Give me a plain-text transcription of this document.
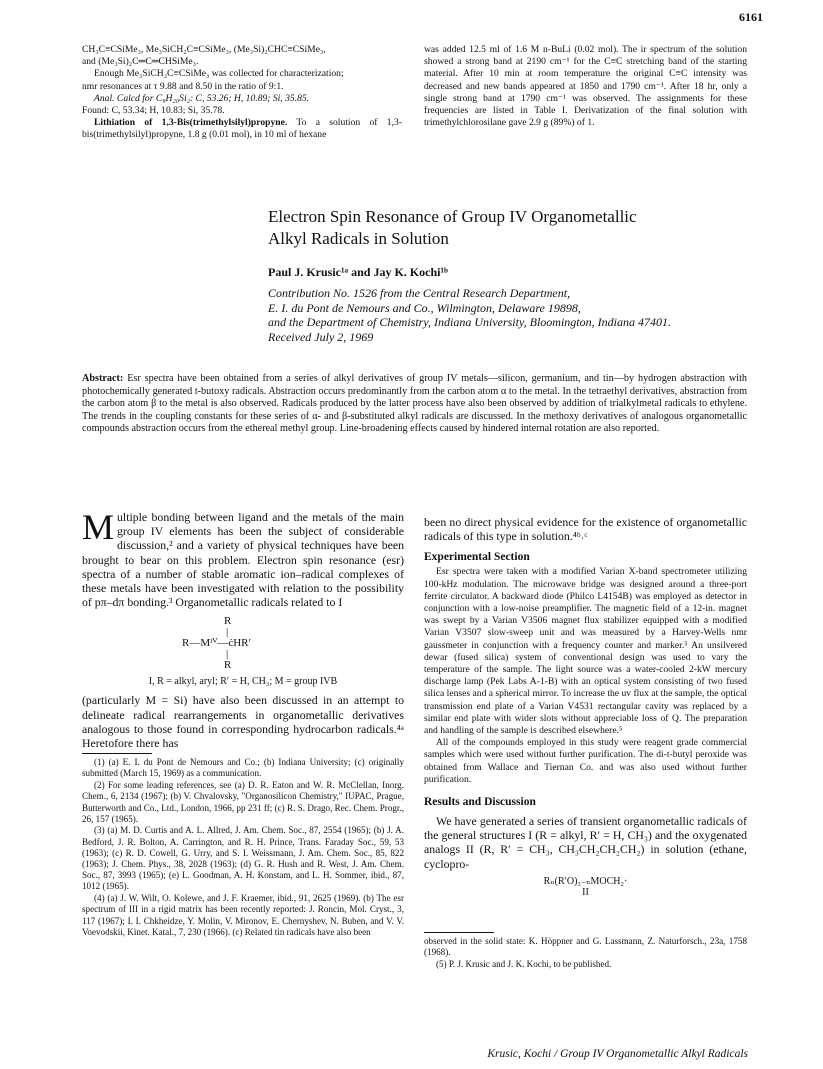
6161

CH₃C≡CSiMe₃, Me₃SiCH₂C≡CSiMe₃, (Me₃Si)₂CHC≡CSiMe₃,

and (Me₃Si)₂C═C═CHSiMe₃.

Enough Me₃SiCH₂C≡CSiMe₃ was collected for characterization;

nmr resonances at τ 9.88 and 8.50 in the ratio of 9:1.

Anal. Calcd for C₉H₂₀Si₂: C, 53.26; H, 10.89; Si, 35.85.

Found: C, 53.34; H, 10.83; Si, 35.78.

Lithiation of 1,3-Bis(trimethylsilyl)propyne. To a solution of 1,3-bis(trimethylsilyl)propyne, 1.8 g (0.01 mol), in 10 ml of hexane

was added 12.5 ml of 1.6 M n-BuLi (0.02 mol). The ir spectrum of the solution showed a strong band at 2190 cm⁻¹ for the C≡C stretching band of the starting material. After 10 min at room temperature the original C≡C intensity was decreased and new bands appeared at 1850 and 1790 cm⁻¹. After 18 hr, only a single strong band at 1790 cm⁻¹ was observed. The assignments for these frequencies are listed in Table I. Derivatization of the final solution with trimethylchlorosilane gave 2.9 g (89%) of 1.

Electron Spin Resonance of Group IV Organometallic
Alkyl Radicals in Solution
Paul J. Krusic¹ᵃ and Jay K. Kochi¹ᵇ
Contribution No. 1526 from the Central Research Department,
E. I. du Pont de Nemours and Co., Wilmington, Delaware 19898,
and the Department of Chemistry, Indiana University, Bloomington, Indiana 47401.
Received July 2, 1969
Abstract: Esr spectra have been obtained from a series of alkyl derivatives of group IV metals—silicon, germanium, and tin—by hydrogen abstraction with photochemically generated t-butoxy radicals. Abstraction occurs predominantly from the carbon atom α to the metal. In the tetraethyl derivatives, abstraction from the carbon atom β to the metal is also observed. Radicals produced by the latter process have also been observed by addition of trialkylmetal radicals to ethylene. The trends in the coupling constants for these series of α- and β-substituted alkyl radicals are discussed. In the methoxy derivatives of analogous organometallic compounds abstraction occurs from the ethereal methyl group. Line-broadening effects caused by hindered internal rotation are also reported.
Multiple bonding between ligand and the metals of the main group IV elements has been the subject of considerable discussion,² and a variety of physical techniques have been brought to bear on this problem. Electron spin resonance (esr) spectra of a number of stable aromatic ion–radical complexes of these metals have been investigated with relation to the possibility of pπ–dπ bonding.³ Organometallic radicals related to I
R
|
R—Mᴵⱽ—ċHR′
|
R
I, R = alkyl, aryl; R′ = H, CH₃; M = group IVB
(particularly M = Si) have also been discussed in an attempt to delineate radical rearrangements in organometallic derivatives analogous to those found in corresponding hydrocarbon radicals.⁴ᵃ Heretofore there has

(1) (a) E. I. du Pont de Nemours and Co.; (b) Indiana University; (c) originally submitted (March 15, 1969) as a communication.

(2) For some leading references, see (a) D. R. Eaton and W. R. McClellan, Inorg. Chem., 6, 2134 (1967); (b) V. Chvalovsky, "Organosilicon Chemistry," IUPAC, Prague, Butterworth and Co., Ltd., London, 1966, pp 231 ff; (c) R. S. Drago, Rec. Chem. Progr., 26, 157 (1965).

(3) (a) M. D. Curtis and A. L. Allred, J. Am. Chem. Soc., 87, 2554 (1965); (b) J. A. Bedford, J. R. Bolton, A. Carrington, and R. H. Prince, Trans. Faraday Soc., 59, 53 (1963); (c) R. D. Cowell, G. Urry, and S. I. Weissmann, J. Am. Chem. Soc., 85, 822 (1963); J. Chem. Phys., 38, 2028 (1963); (d) G. R. Hush and R. West, J. Am. Chem. Soc., 87, 3993 (1965); (e) L. Goodman, A. H. Konstam, and L. H. Sommer, ibid., 87, 1012 (1965).

(4) (a) J. W. Wilt, O. Kolewe, and J. F. Kraemer, ibid., 91, 2625 (1969). (b) The esr spectrum of III in a rigid matrix has been recently reported: J. Roncin, Mol. Cryst., 3, 117 (1967); I. I. Chkheidze, Y. Molin, V. Mironov, E. Chernyshev, N. Buben, and V. V. Voevodskii, Kinet. Katal., 7, 230 (1966). (c) Related tin radicals have also been

been no direct physical evidence for the existence of organometallic radicals of this type in solution.⁴ᵇ˒ᶜ
Experimental Section

Esr spectra were taken with a modified Varian X-band spectrometer utilizing 100-kHz modulation. The microwave bridge was designed around a three-port ferrite circulator. A backward diode (Philco L4154B) was employed as detector in conjunction with a low-noise preamplifier. The magnetic field of a 12-in. magnet was swept by a Varian V3506 magnet flux stabilizer equipped with a modified Varian V3507 slow-sweep unit and was measured by a Harvey-Wells nmr gaussmeter in conjunction with a frequency counter and marker.⁵ An unsilvered dewar (fused silica) system of conventional design was used to vary the temperature of the sample. The light source was a water-cooled 2-kW mercury discharge lamp (Pek Labs A-1-B) with an optical system consisting of two fused silica lenses and a spherical mirror. To increase the uv flux at the sample, the optical transmission end plate of a Varian V4531 rectangular cavity was replaced by a similar end plate with wider slots without appreciable loss of Q. The preparation and handling of the sample is described elsewhere.⁵

All of the compounds employed in this study were reagent grade commercial samples which were used without further purification. The di-t-butyl peroxide was obtained from Wallace and Tiernan Co. and was also used without further purification.

Results and Discussion
We have generated a series of transient organometallic radicals of the general structures I (R = alkyl, R′ = H, CH₃) and the oxygenated analogs II (R, R′ = CH₃, CH₃CH₂CH₂CH₂) in solution (ethane, cyclopro-
Rₙ(R′O)₃₋ₙMOCH₂·
II

observed in the solid state: K. Höppner and G. Lassmann, Z. Naturforsch., 23a, 1758 (1968).

(5) P. J. Krusic and J. K. Kochi, to be published.

Krusic, Kochi / Group IV Organometallic Alkyl Radicals
